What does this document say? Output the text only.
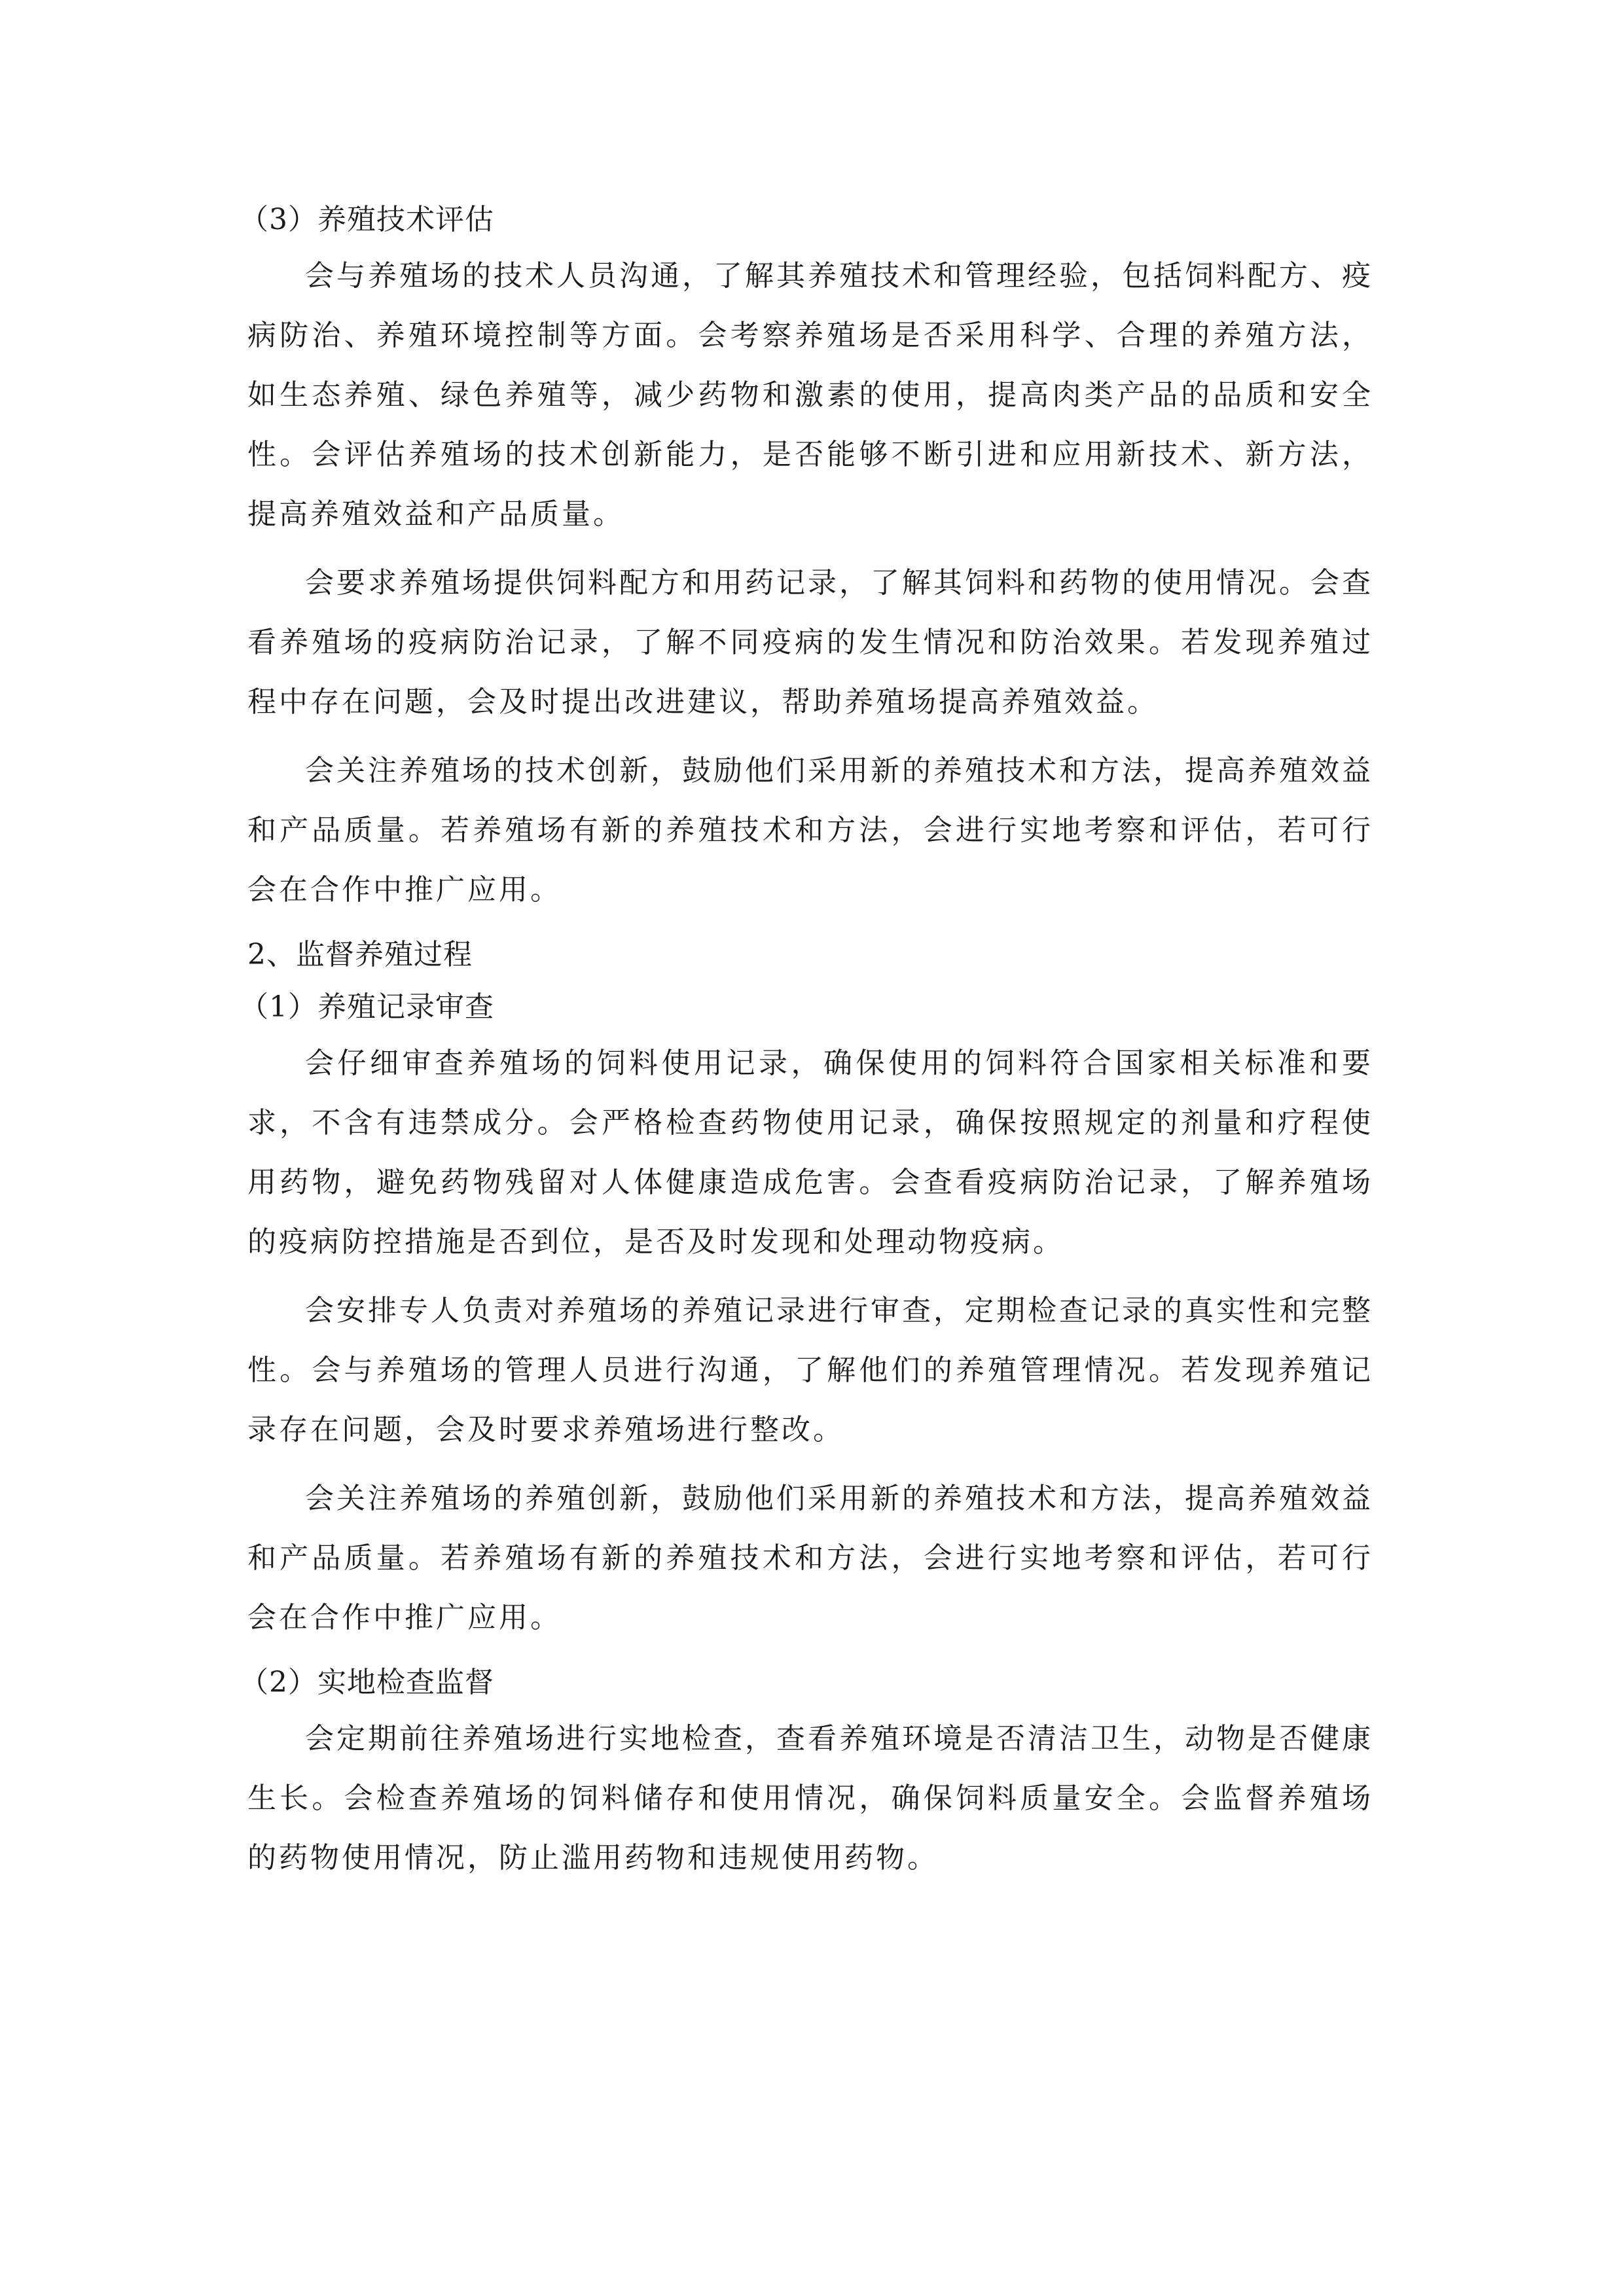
（3）养殖技术评估

会与养殖场的技术人员沟通，了解其养殖技术和管理经验，包括饲料配方、疫病防治、养殖环境控制等方面。会考察养殖场是否采用科学、合理的养殖方法，如生态养殖、绿色养殖等，减少药物和激素的使用，提高肉类产品的品质和安全性。会评估养殖场的技术创新能力，是否能够不断引进和应用新技术、新方法，提高养殖效益和产品质量。

会要求养殖场提供饲料配方和用药记录，了解其饲料和药物的使用情况。会查看养殖场的疫病防治记录，了解不同疫病的发生情况和防治效果。若发现养殖过程中存在问题，会及时提出改进建议，帮助养殖场提高养殖效益。

会关注养殖场的技术创新，鼓励他们采用新的养殖技术和方法，提高养殖效益和产品质量。若养殖场有新的养殖技术和方法，会进行实地考察和评估，若可行会在合作中推广应用。

2、监督养殖过程

（1）养殖记录审查

会仔细审查养殖场的饲料使用记录，确保使用的饲料符合国家相关标准和要求，不含有违禁成分。会严格检查药物使用记录，确保按照规定的剂量和疗程使用药物，避免药物残留对人体健康造成危害。会查看疫病防治记录，了解养殖场的疫病防控措施是否到位，是否及时发现和处理动物疫病。

会安排专人负责对养殖场的养殖记录进行审查，定期检查记录的真实性和完整性。会与养殖场的管理人员进行沟通，了解他们的养殖管理情况。若发现养殖记录存在问题，会及时要求养殖场进行整改。

会关注养殖场的养殖创新，鼓励他们采用新的养殖技术和方法，提高养殖效益和产品质量。若养殖场有新的养殖技术和方法，会进行实地考察和评估，若可行会在合作中推广应用。

（2）实地检查监督

会定期前往养殖场进行实地检查，查看养殖环境是否清洁卫生，动物是否健康生长。会检查养殖场的饲料储存和使用情况，确保饲料质量安全。会监督养殖场的药物使用情况，防止滥用药物和违规使用药物。
